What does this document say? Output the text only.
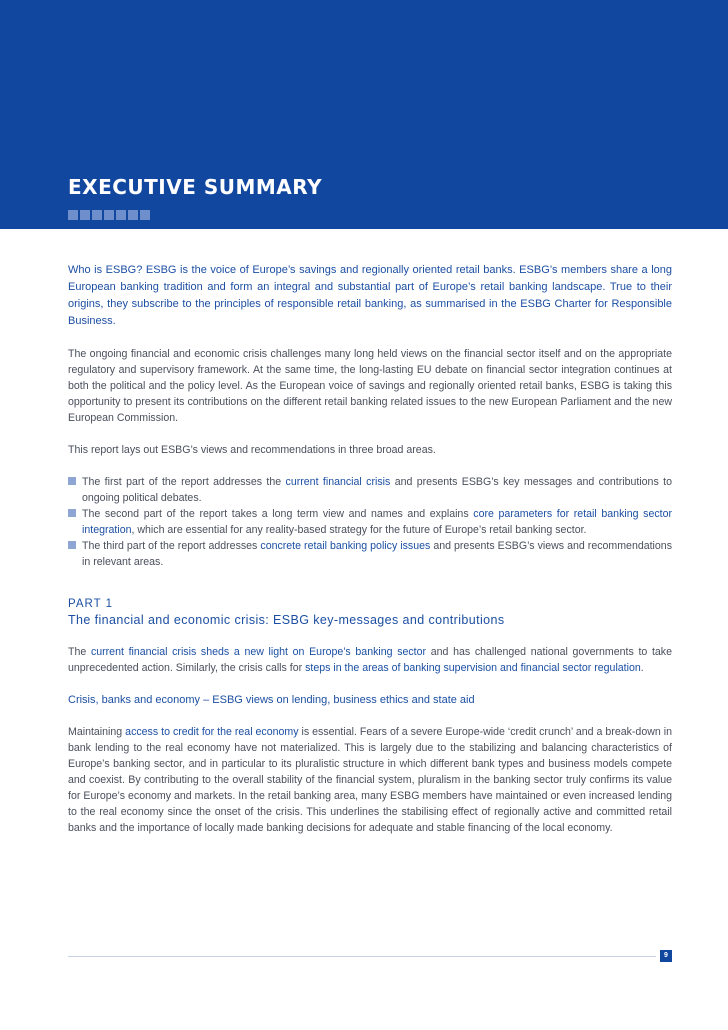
EXECUTIVE SUMMARY

Who is ESBG? ESBG is the voice of Europe’s savings and regionally oriented retail banks. ESBG’s members share a long European banking tradition and form an integral and substantial part of Europe’s retail banking landscape. True to their origins, they subscribe to the principles of responsible retail banking, as summarised in the ESBG Charter for Responsible Business.

The ongoing financial and economic crisis challenges many long held views on the financial sector itself and on the appropriate regulatory and supervisory framework. At the same time, the long-lasting EU debate on financial sector integration continues at both the political and the policy level. As the European voice of savings and regionally oriented retail banks, ESBG is taking this opportunity to present its contributions on the different retail banking related issues to the new European Parliament and the new European Commission.

This report lays out ESBG’s views and recommendations in three broad areas.

The first part of the report addresses the current financial crisis and presents ESBG’s key messages and contributions to ongoing political debates.
The second part of the report takes a long term view and names and explains core parameters for retail banking sector integration, which are essential for any reality-based strategy for the future of Europe’s retail banking sector.
The third part of the report addresses concrete retail banking policy issues and presents ESBG’s views and recommendations in relevant areas.
PART 1
The financial and economic crisis: ESBG key-messages and contributions

The current financial crisis sheds a new light on Europe’s banking sector and has challenged national governments to take unprecedented action. Similarly, the crisis calls for steps in the areas of banking supervision and financial sector regulation.

Crisis, banks and economy – ESBG views on lending, business ethics and state aid

Maintaining access to credit for the real economy is essential. Fears of a severe Europe-wide ‘credit crunch’ and a break-down in bank lending to the real economy have not materialized. This is largely due to the stabilizing and balancing characteristics of Europe’s banking sector, and in particular to its pluralistic structure in which different bank types and business models compete and coexist. By contributing to the overall stability of the financial system, pluralism in the banking sector truly confirms its value for Europe’s economy and markets. In the retail banking area, many ESBG members have maintained or even increased lending to the real economy since the onset of the crisis. This underlines the stabilising effect of regionally active and committed retail banks and the importance of locally made banking decisions for adequate and stable financing of the local economy.

9
